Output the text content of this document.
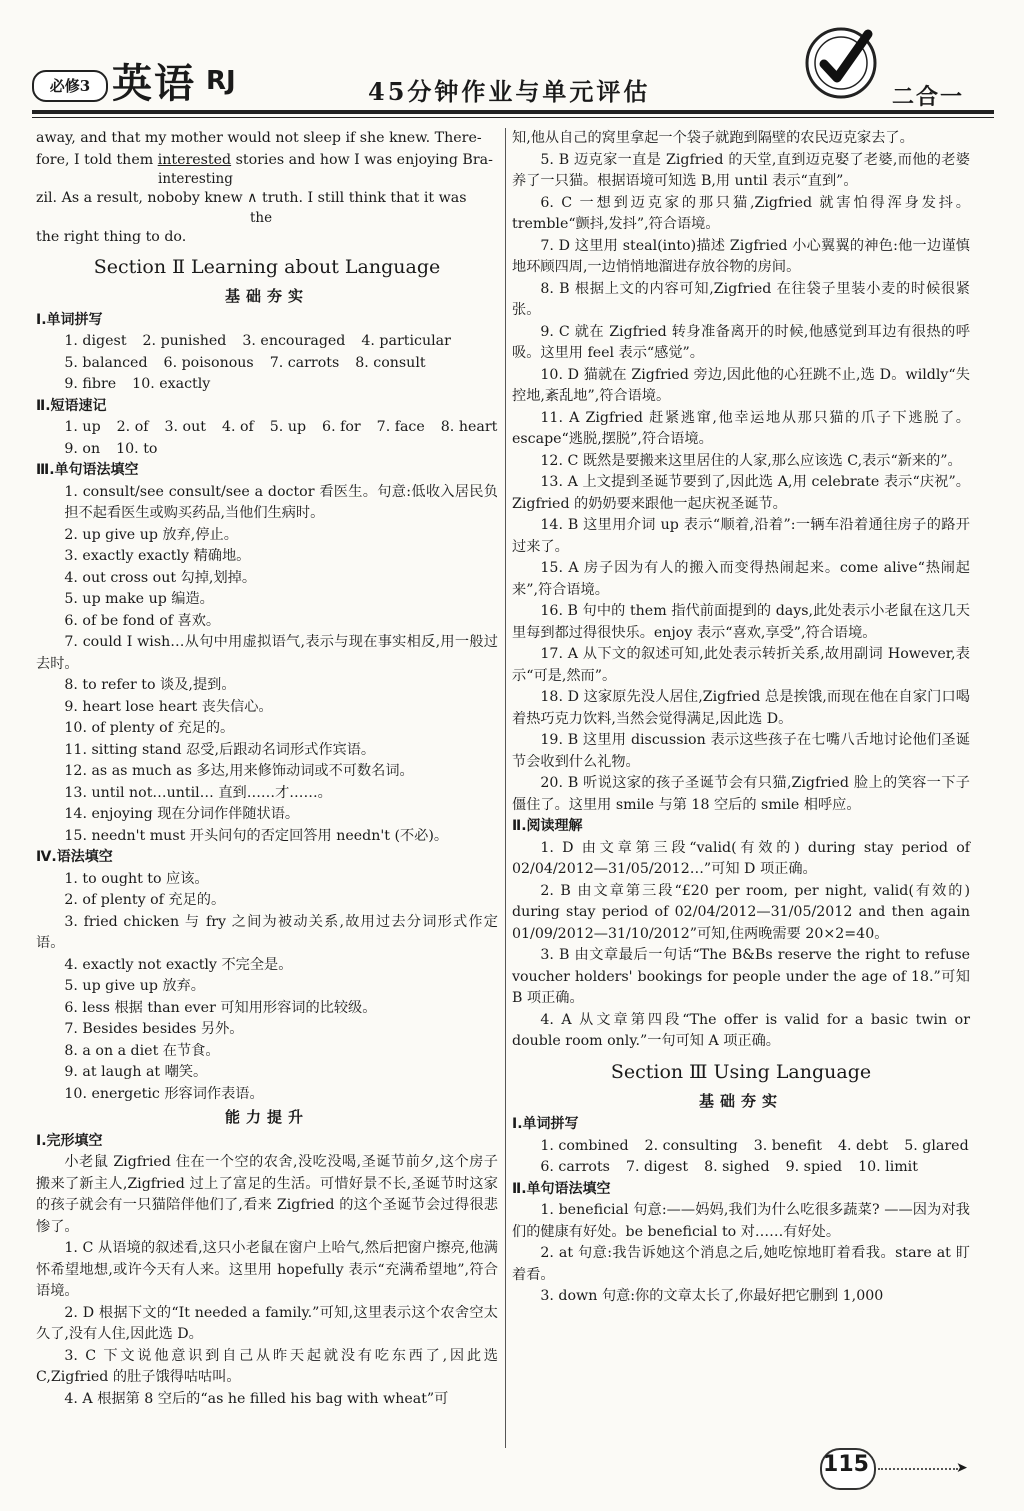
必修3 英语 RJ	45分钟作业与单元评估	二合一

away, and that my mother would not sleep if she knew. There-

fore, I told them interested stories and how I was enjoying Bra-

interesting

zil. As a result, noboby knew ∧ truth. I still think that it was

the

the right thing to do.

Section Ⅱ Learning about Language
基础夯实
Ⅰ.单词拼写
1. digest 2. punished 3. encouraged 4. particular
5. balanced 6. poisonous 7. carrots 8. consult
9. fibre 10. exactly
Ⅱ.短语速记
1. up 2. of 3. out 4. of 5. up 6. for 7. face 8. heart
9. on 10. to
Ⅲ.单句语法填空

1. consult/see consult/see a doctor 看医生。句意:低收入居民负担不起看医生或购买药品,当他们生病时。

2. up give up 放弃,停止。

3. exactly exactly 精确地。

4. out cross out 勾掉,划掉。

5. up make up 编造。

6. of be fond of 喜欢。

7. could I wish…从句中用虚拟语气,表示与现在事实相反,用一般过去时。

8. to refer to 谈及,提到。

9. heart lose heart 丧失信心。

10. of plenty of 充足的。

11. sitting stand 忍受,后跟动名词形式作宾语。

12. as as much as 多达,用来修饰动词或不可数名词。

13. until not…until… 直到……才……。

14. enjoying 现在分词作伴随状语。

15. needn't must 开头问句的否定回答用 needn't (不必)。

Ⅳ.语法填空

1. to ought to 应该。

2. of plenty of 充足的。

3. fried chicken 与 fry 之间为被动关系,故用过去分词形式作定语。

4. exactly not exactly 不完全是。

5. up give up 放弃。

6. less 根据 than ever 可知用形容词的比较级。

7. Besides besides 另外。

8. a on a diet 在节食。

9. at laugh at 嘲笑。

10. energetic 形容词作表语。

能力提升
Ⅰ.完形填空

小老鼠 Zigfried 住在一个空的农舍,没吃没喝,圣诞节前夕,这个房子搬来了新主人,Zigfried 过上了富足的生活。可惜好景不长,圣诞节时这家的孩子就会有一只猫陪伴他们了,看来 Zigfried 的这个圣诞节会过得很悲惨了。

1. C 从语境的叙述看,这只小老鼠在窗户上哈气,然后把窗户擦亮,他满怀希望地想,或许今天有人来。这里用 hopefully 表示“充满希望地”,符合语境。

2. D 根据下文的“It needed a family.”可知,这里表示这个农舍空太久了,没有人住,因此选 D。

3. C 下文说他意识到自己从昨天起就没有吃东西了,因此选 C,Zigfried 的肚子饿得咕咕叫。

4. A 根据第 8 空后的“as he filled his bag with wheat”可

知,他从自己的窝里拿起一个袋子就跑到隔壁的农民迈克家去了。

5. B 迈克家一直是 Zigfried 的天堂,直到迈克娶了老婆,而他的老婆养了一只猫。根据语境可知选 B,用 until 表示“直到”。

6. C 一想到迈克家的那只猫,Zigfried 就害怕得浑身发抖。tremble“颤抖,发抖”,符合语境。

7. D 这里用 steal(into)描述 Zigfried 小心翼翼的神色:他一边谨慎地环顾四周,一边悄悄地溜进存放谷物的房间。

8. B 根据上文的内容可知,Zigfried 在往袋子里装小麦的时候很紧张。

9. C 就在 Zigfried 转身准备离开的时候,他感觉到耳边有很热的呼吸。这里用 feel 表示“感觉”。

10. D 猫就在 Zigfried 旁边,因此他的心狂跳不止,选 D。wildly“失控地,紊乱地”,符合语境。

11. A Zigfried 赶紧逃窜,他幸运地从那只猫的爪子下逃脱了。escape“逃脱,摆脱”,符合语境。

12. C 既然是要搬来这里居住的人家,那么应该选 C,表示“新来的”。

13. A 上文提到圣诞节要到了,因此选 A,用 celebrate 表示“庆祝”。Zigfried 的奶奶要来跟他一起庆祝圣诞节。

14. B 这里用介词 up 表示“顺着,沿着”:一辆车沿着通往房子的路开过来了。

15. A 房子因为有人的搬入而变得热闹起来。come alive“热闹起来”,符合语境。

16. B 句中的 them 指代前面提到的 days,此处表示小老鼠在这几天里每到都过得很快乐。enjoy 表示“喜欢,享受”,符合语境。

17. A 从下文的叙述可知,此处表示转折关系,故用副词 However,表示“可是,然而”。

18. D 这家原先没人居住,Zigfried 总是挨饿,而现在他在自家门口喝着热巧克力饮料,当然会觉得满足,因此选 D。

19. B 这里用 discussion 表示这些孩子在七嘴八舌地讨论他们圣诞节会收到什么礼物。

20. B 听说这家的孩子圣诞节会有只猫,Zigfried 脸上的笑容一下子僵住了。这里用 smile 与第 18 空后的 smile 相呼应。

Ⅱ.阅读理解

1. D 由文章第三段“valid(有效的) during stay period of 02/04/2012—31/05/2012…”可知 D 项正确。

2. B 由文章第三段“£20 per room, per night, valid(有效的) during stay period of 02/04/2012—31/05/2012 and then again 01/09/2012—31/10/2012”可知,住两晚需要 20×2=40。

3. B 由文章最后一句话“The B&Bs reserve the right to refuse voucher holders' bookings for people under the age of 18.”可知 B 项正确。

4. A 从文章第四段“The offer is valid for a basic twin or double room only.”一句可知 A 项正确。

Section Ⅲ Using Language
基础夯实
Ⅰ.单词拼写
1. combined 2. consulting 3. benefit 4. debt 5. glared
6. carrots 7. digest 8. sighed 9. spied 10. limit
Ⅱ.单句语法填空

1. beneficial 句意:——妈妈,我们为什么吃很多蔬菜? ——因为对我们的健康有好处。be beneficial to 对……有好处。

2. at 句意:我告诉她这个消息之后,她吃惊地盯着看我。stare at 盯着看。

3. down 句意:你的文章太长了,你最好把它删到 1,000

115	➤
